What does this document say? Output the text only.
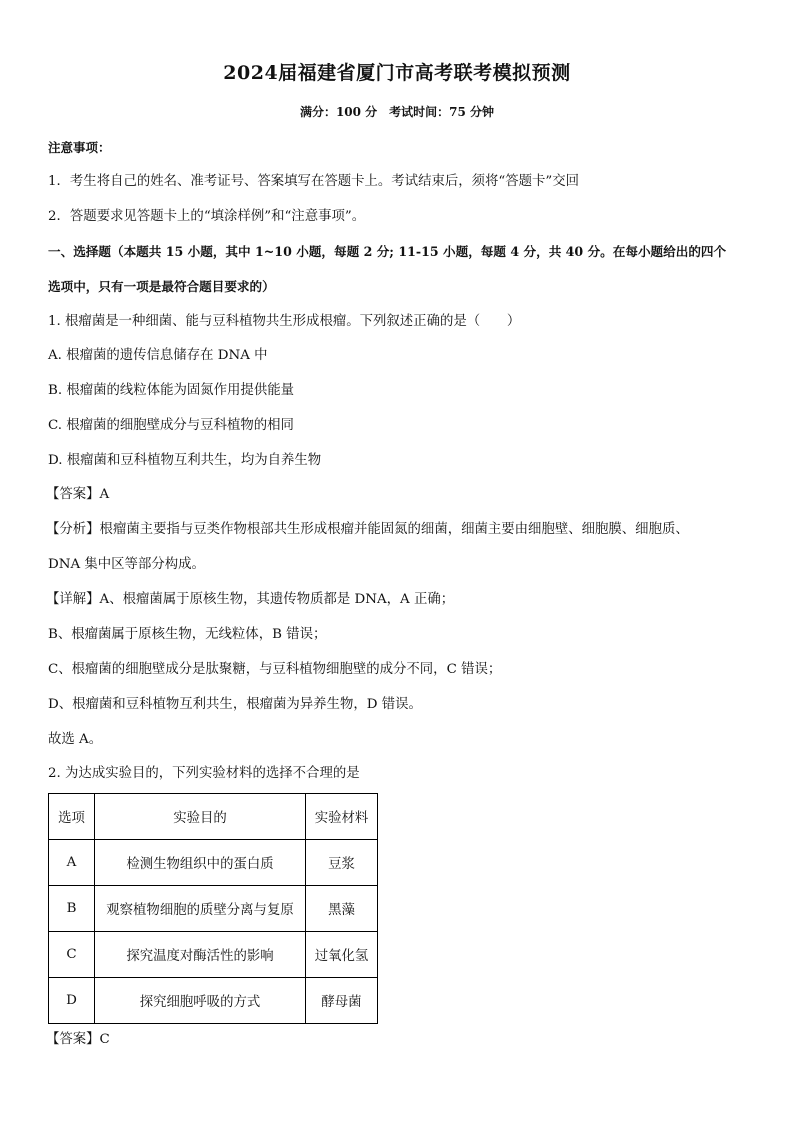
2024届福建省厦门市高考联考模拟预测
满分：100 分　考试时间：75 分钟
注意事项：
1．考生将自己的姓名、准考证号、答案填写在答题卡上。考试结束后，须将“答题卡”交回
2．答题要求见答题卡上的“填涂样例”和“注意事项”。
一、选择题（本题共 15 小题，其中 1~10 小题，每题 2 分; 11-15 小题，每题 4 分，共 40 分。在每小题给出的四个
选项中，只有一项是最符合题目要求的）
1. 根瘤菌是一种细菌、能与豆科植物共生形成根瘤。下列叙述正确的是（　　）
A. 根瘤菌的遗传信息储存在 DNA 中
B. 根瘤菌的线粒体能为固氮作用提供能量
C. 根瘤菌的细胞壁成分与豆科植物的相同
D. 根瘤菌和豆科植物互利共生，均为自养生物
【答案】A
【分析】根瘤菌主要指与豆类作物根部共生形成根瘤并能固氮的细菌，细菌主要由细胞壁、细胞膜、细胞质、
DNA 集中区等部分构成。
【详解】A、根瘤菌属于原核生物，其遗传物质都是 DNA，A 正确；
B、根瘤菌属于原核生物，无线粒体，B 错误；
C、根瘤菌的细胞壁成分是肽聚糖，与豆科植物细胞壁的成分不同，C 错误；
D、根瘤菌和豆科植物互利共生，根瘤菌为异养生物，D 错误。
故选 A。
2. 为达成实验目的，下列实验材料的选择不合理的是
选项	实验目的	实验材料
A	检测生物组织中的蛋白质	豆浆
B	观察植物细胞的质壁分离与复原	黑藻
C	探究温度对酶活性的影响	过氧化氢
D	探究细胞呼吸的方式	酵母菌
【答案】C
